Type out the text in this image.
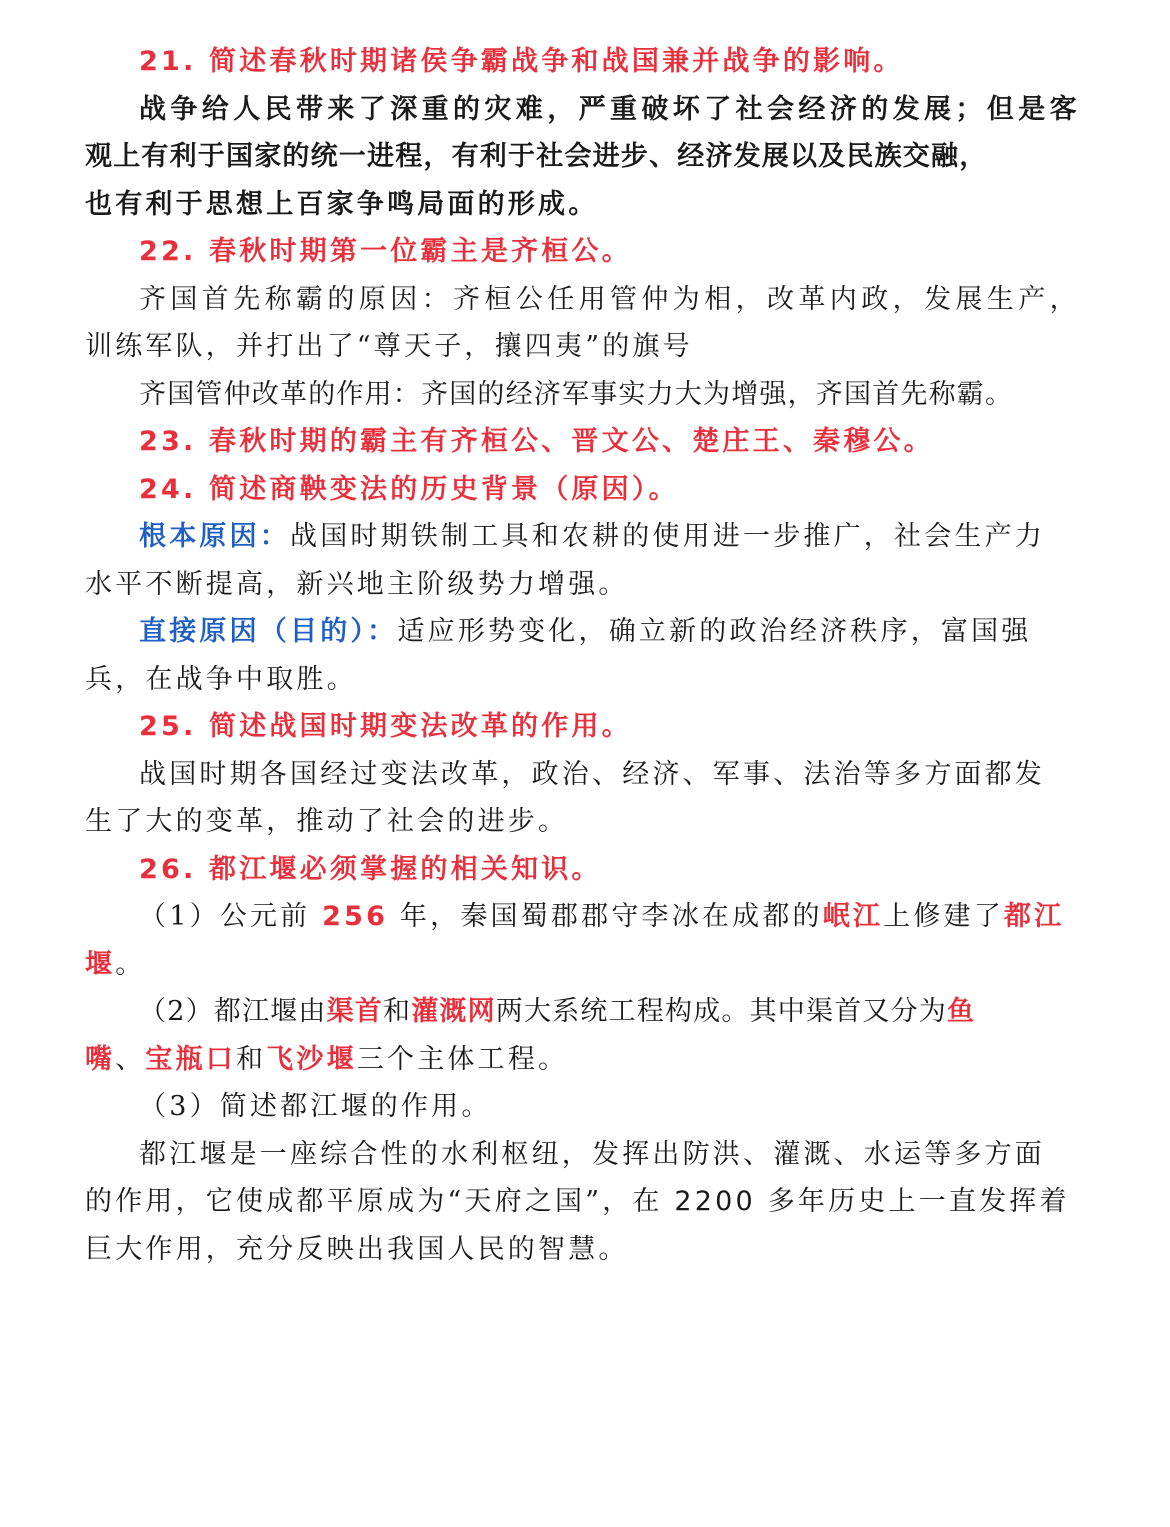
21. 简述春秋时期诸侯争霸战争和战国兼并战争的影响。

战争给人民带来了深重的灾难，严重破坏了社会经济的发展；但是客

观上有利于国家的统一进程，有利于社会进步、经济发展以及民族交融，

也有利于思想上百家争鸣局面的形成。

22. 春秋时期第一位霸主是齐桓公。

齐国首先称霸的原因：齐桓公任用管仲为相，改革内政，发展生产，

训练军队，并打出了“尊天子，攘四夷”的旗号

齐国管仲改革的作用：齐国的经济军事实力大为增强，齐国首先称霸。

23. 春秋时期的霸主有齐桓公、晋文公、楚庄王、秦穆公。

24. 简述商鞅变法的历史背景（原因）。

根本原因：战国时期铁制工具和农耕的使用进一步推广，社会生产力

水平不断提高，新兴地主阶级势力增强。

直接原因（目的）：适应形势变化，确立新的政治经济秩序，富国强

兵，在战争中取胜。

25. 简述战国时期变法改革的作用。

战国时期各国经过变法改革，政治、经济、军事、法治等多方面都发

生了大的变革，推动了社会的进步。

26. 都江堰必须掌握的相关知识。

（1）公元前 256 年，秦国蜀郡郡守李冰在成都的岷江上修建了都江

堰。

（2）都江堰由渠首和灌溉网两大系统工程构成。其中渠首又分为鱼

嘴、宝瓶口和飞沙堰三个主体工程。

（3）简述都江堰的作用。

都江堰是一座综合性的水利枢纽，发挥出防洪、灌溉、水运等多方面

的作用，它使成都平原成为“天府之国”，在 2200 多年历史上一直发挥着

巨大作用，充分反映出我国人民的智慧。
